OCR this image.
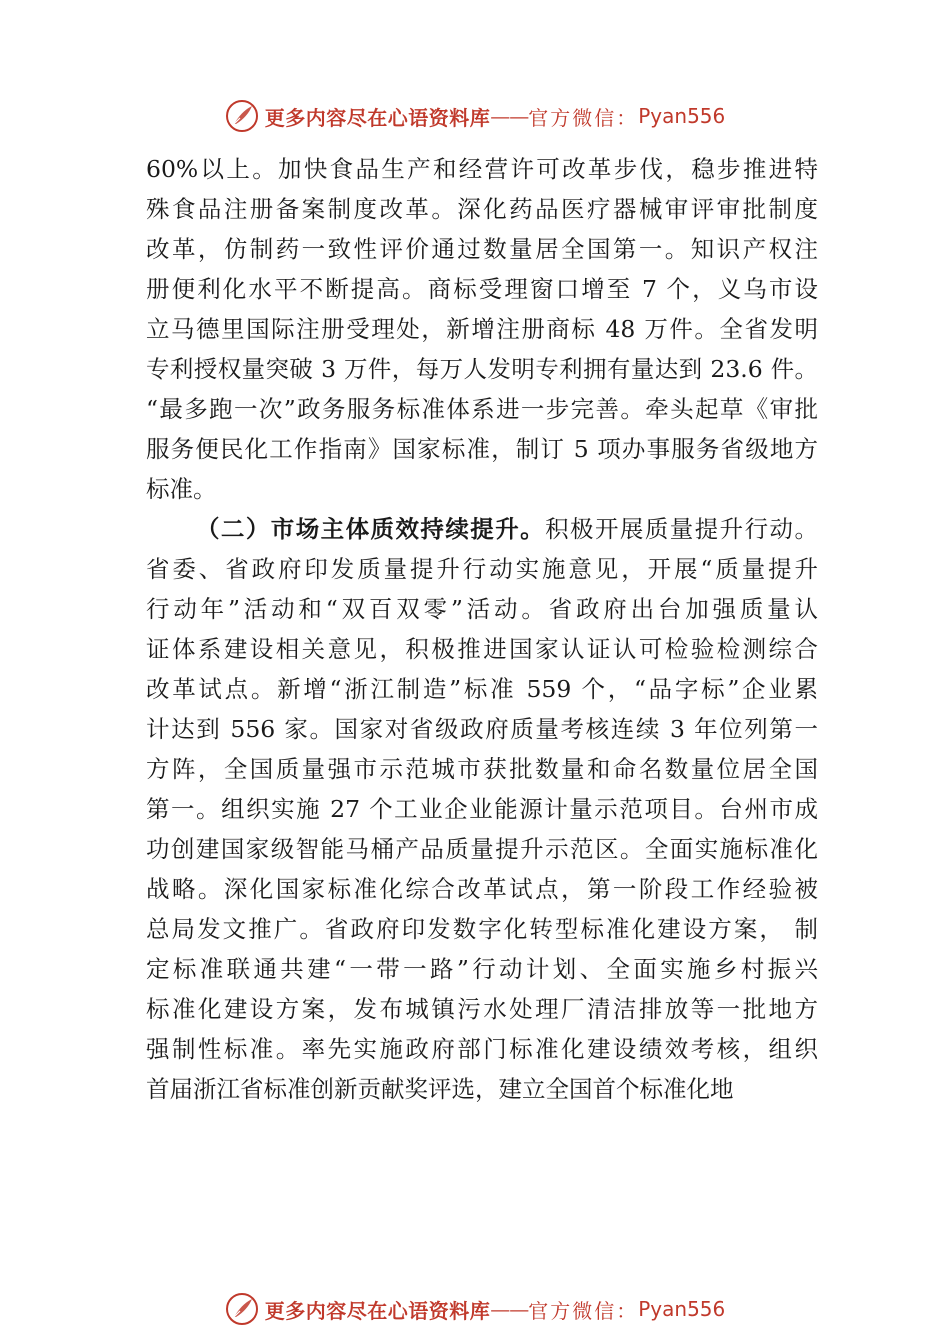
更多内容尽在心语资料库 —— 官方微信： Pyan556
60%以上。加快食品生产和经营许可改革步伐，稳步推进特
殊食品注册备案制度改革。深化药品医疗器械审评审批制度
改革，仿制药一致性评价通过数量居全国第一。知识产权注
册便利化水平不断提高。商标受理窗口增至 7 个，义乌市设
立马德里国际注册受理处，新增注册商标 48 万件。全省发明
专利授权量突破 3 万件，每万人发明专利拥有量达到 23.6 件。
“最多跑一次”政务服务标准体系进一步完善。牵头起草《审批
服务便民化工作指南》国家标准，制订 5 项办事服务省级地方
标准。
（二）市场主体质效持续提升。积极开展质量提升行动。
省委、省政府印发质量提升行动实施意见，开展“质量提升
行动年”活动和“双百双零”活动。省政府出台加强质量认
证体系建设相关意见，积极推进国家认证认可检验检测综合
改革试点。新增“浙江制造”标准 559 个，“品字标”企业累
计达到 556 家。国家对省级政府质量考核连续 3 年位列第一
方阵，全国质量强市示范城市获批数量和命名数量位居全国
第一。组织实施 27 个工业企业能源计量示范项目。台州市成
功创建国家级智能马桶产品质量提升示范区。全面实施标准化
战略。深化国家标准化综合改革试点，第一阶段工作经验被
总局发文推广。省政府印发数字化转型标准化建设方案， 制
定标准联通共建“一带一路”行动计划、全面实施乡村振兴
标准化建设方案，发布城镇污水处理厂清洁排放等一批地方
强制性标准。率先实施政府部门标准化建设绩效考核，组织
首届浙江省标准创新贡献奖评选，建立全国首个标准化地
更多内容尽在心语资料库 —— 官方微信： Pyan556
